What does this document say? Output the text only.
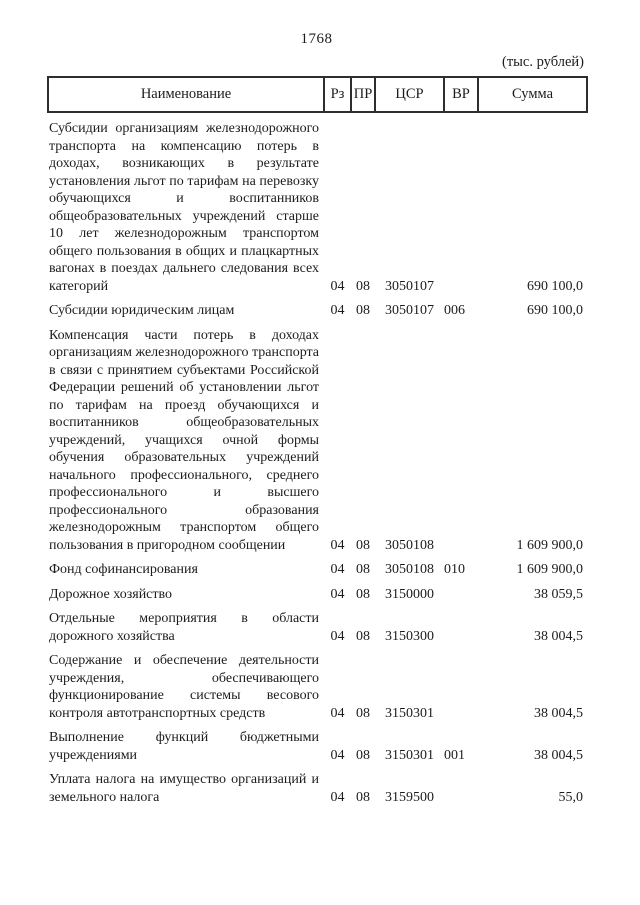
1768
(тыс. рублей)
Наименование	Рз	ПР	ЦСР	ВР	Сумма
Субсидии организациям железнодорожного транспорта на компенсацию потерь в доходах, возникающих в результате установления льгот по тарифам на перевозку обучающихся и воспитанников общеобразовательных учреждений старше 10 лет железнодорожным транспортом общего пользования в общих и плацкартных вагонах в поездах дальнего следования всех категорий	04	08	3050107		690 100,0
Субсидии юридическим лицам	04	08	3050107	006	690 100,0
Компенсация части потерь в доходах организациям железнодорожного транспорта в связи с принятием субъектами Российской Федерации решений об установлении льгот по тарифам на проезд обучающихся и воспитанников общеобразовательных учреждений, учащихся очной формы обучения образовательных учреждений начального профессионального, среднего профессионального и высшего профессионального образования железнодорожным транспортом общего пользования в пригородном сообщении	04	08	3050108		1 609 900,0
Фонд софинансирования	04	08	3050108	010	1 609 900,0
Дорожное хозяйство	04	08	3150000		38 059,5
Отдельные мероприятия в области дорожного хозяйства	04	08	3150300		38 004,5
Содержание и обеспечение деятельности учреждения, обеспечивающего функционирование системы весового контроля автотранспортных средств	04	08	3150301		38 004,5
Выполнение функций бюджетными учреждениями	04	08	3150301	001	38 004,5
Уплата налога на имущество организаций и земельного налога	04	08	3159500		55,0
